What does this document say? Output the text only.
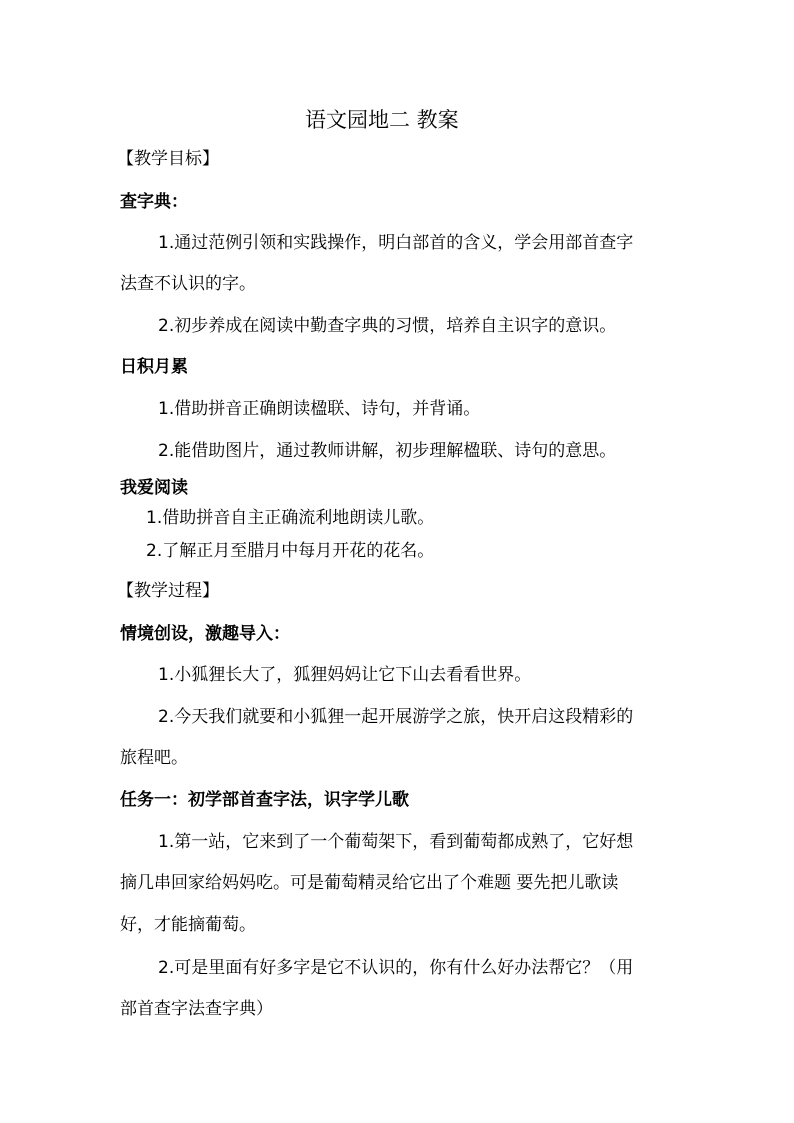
语文园地二 教案
【教学目标】
查字典：
1.通过范例引领和实践操作，明白部首的含义，学会用部首查字
法查不认识的字。
2.初步养成在阅读中勤查字典的习惯，培养自主识字的意识。
日积月累
1.借助拼音正确朗读楹联、诗句，并背诵。
2.能借助图片，通过教师讲解，初步理解楹联、诗句的意思。
我爱阅读
1.借助拼音自主正确流利地朗读儿歌。
2.了解正月至腊月中每月开花的花名。
【教学过程】
情境创设，激趣导入：
1.小狐狸长大了，狐狸妈妈让它下山去看看世界。
2.今天我们就要和小狐狸一起开展游学之旅，快开启这段精彩的
旅程吧。
任务一：初学部首查字法，识字学儿歌
1.第一站，它来到了一个葡萄架下，看到葡萄都成熟了，它好想
摘几串回家给妈妈吃。可是葡萄精灵给它出了个难题 要先把儿歌读
好，才能摘葡萄。
2.可是里面有好多字是它不认识的，你有什么好办法帮它？（用
部首查字法查字典）
